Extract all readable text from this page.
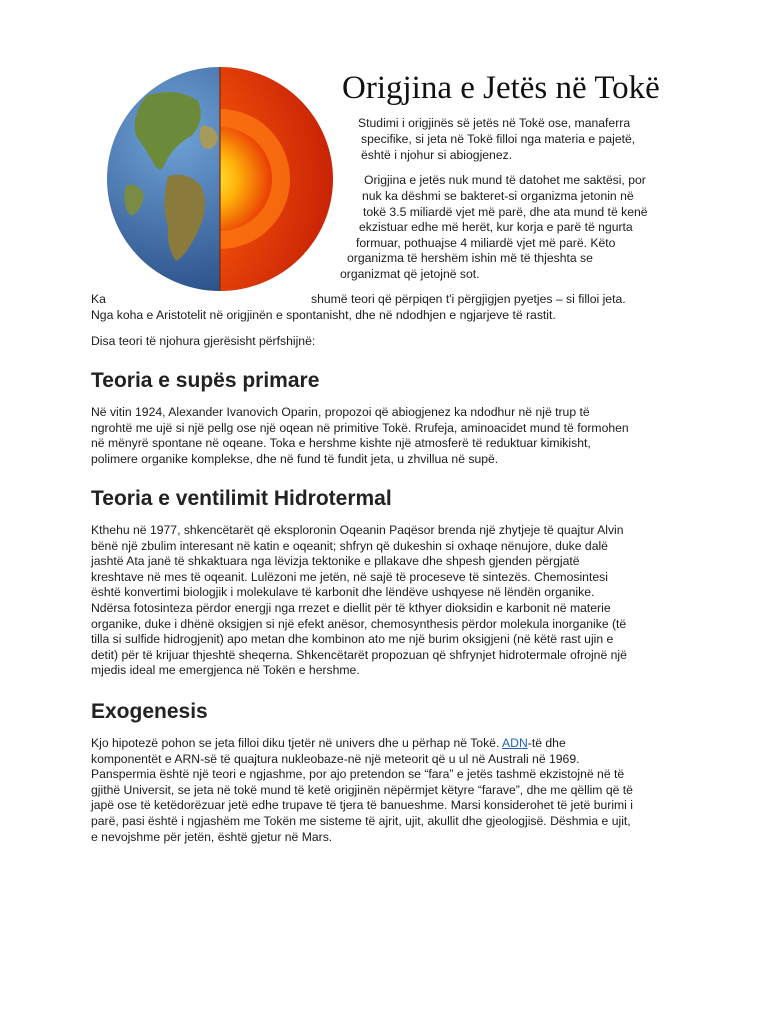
Origjina e Jetës në Tokë
Studimi i origjinës së jetës në Tokë ose, manaferra
specifike, si jeta në Tokë filloi nga materia e pajetë,
është i njohur si abiogjenez.
Origjina e jetës nuk mund të datohet me saktësi, por
nuk ka dëshmi se bakteret-si organizma jetonin në
tokë 3.5 miliardë vjet më parë, dhe ata mund të kenë
ekzistuar edhe më herët, kur korja e parë të ngurta
formuar, pothuajse 4 miliardë vjet më parë. Këto
organizma të hershëm ishin më të thjeshta se
organizmat që jetojnë sot.
Ka	shumë teori që përpiqen t'i përgjigjen pyetjes – si filloi jeta.
Nga koha e Aristotelit në origjinën e spontanisht, dhe në ndodhjen e ngjarjeve të rastit.
Disa teori të njohura gjerësisht përfshijnë:
Teoria e supës primare
Në vitin 1924, Alexander Ivanovich Oparin, propozoi që abiogjenez ka ndodhur në një trup të
ngrohtë me ujë si një pellg ose një oqean në primitive Tokë. Rrufeja, aminoacidet mund të formohen
në mënyrë spontane në oqeane. Toka e hershme kishte një atmosferë të reduktuar kimikisht,
polimere organike komplekse, dhe në fund të fundit jeta, u zhvillua në supë.
Teoria e ventilimit Hidrotermal
Kthehu në 1977, shkencëtarët që eksploronin Oqeanin Paqësor brenda një zhytjeje të quajtur Alvin
bënë një zbulim interesant në katin e oqeanit; shfryn që dukeshin si oxhaqe nënujore, duke dalë
jashtë Ata janë të shkaktuara nga lëvizja tektonike e pllakave dhe shpesh gjenden përgjatë
kreshtave në mes të oqeanit. Lulëzoni me jetën, në sajë të proceseve të sintezës. Chemosintesi
është konvertimi biologjik i molekulave të karbonit dhe lëndëve ushqyese në lëndën organike.
Ndërsa fotosinteza përdor energji nga rrezet e diellit për të kthyer dioksidin e karbonit në materie
organike, duke i dhënë oksigjen si një efekt anësor, chemosynthesis përdor molekula inorganike (të
tilla si sulfide hidrogjenit) apo metan dhe kombinon ato me një burim oksigjeni (në këtë rast ujin e
detit) për të krijuar thjeshtë sheqerna. Shkencëtarët propozuan që shfrynjet hidrotermale ofrojnë një
mjedis ideal me emergjenca në Tokën e hershme.
Exogenesis
Kjo hipotezë pohon se jeta filloi diku tjetër në univers dhe u përhap në Tokë. ADN-të dhe
komponentët e ARN-së të quajtura nukleobaze-në një meteorit që u ul në Australi në 1969.
Panspermia është një teori e ngjashme, por ajo pretendon se “fara” e jetës tashmë ekzistojnë në të
gjithë Universit, se jeta në tokë mund të ketë origjinën nëpërmjet këtyre “farave”, dhe me qëllim që të
japë ose të ketëdorëzuar jetë edhe trupave të tjera të banueshme. Marsi konsiderohet të jetë burimi i
parë, pasi është i ngjashëm me Tokën me sisteme të ajrit, ujit, akullit dhe gjeologjisë. Dëshmia e ujit,
e nevojshme për jetën, është gjetur në Mars.
